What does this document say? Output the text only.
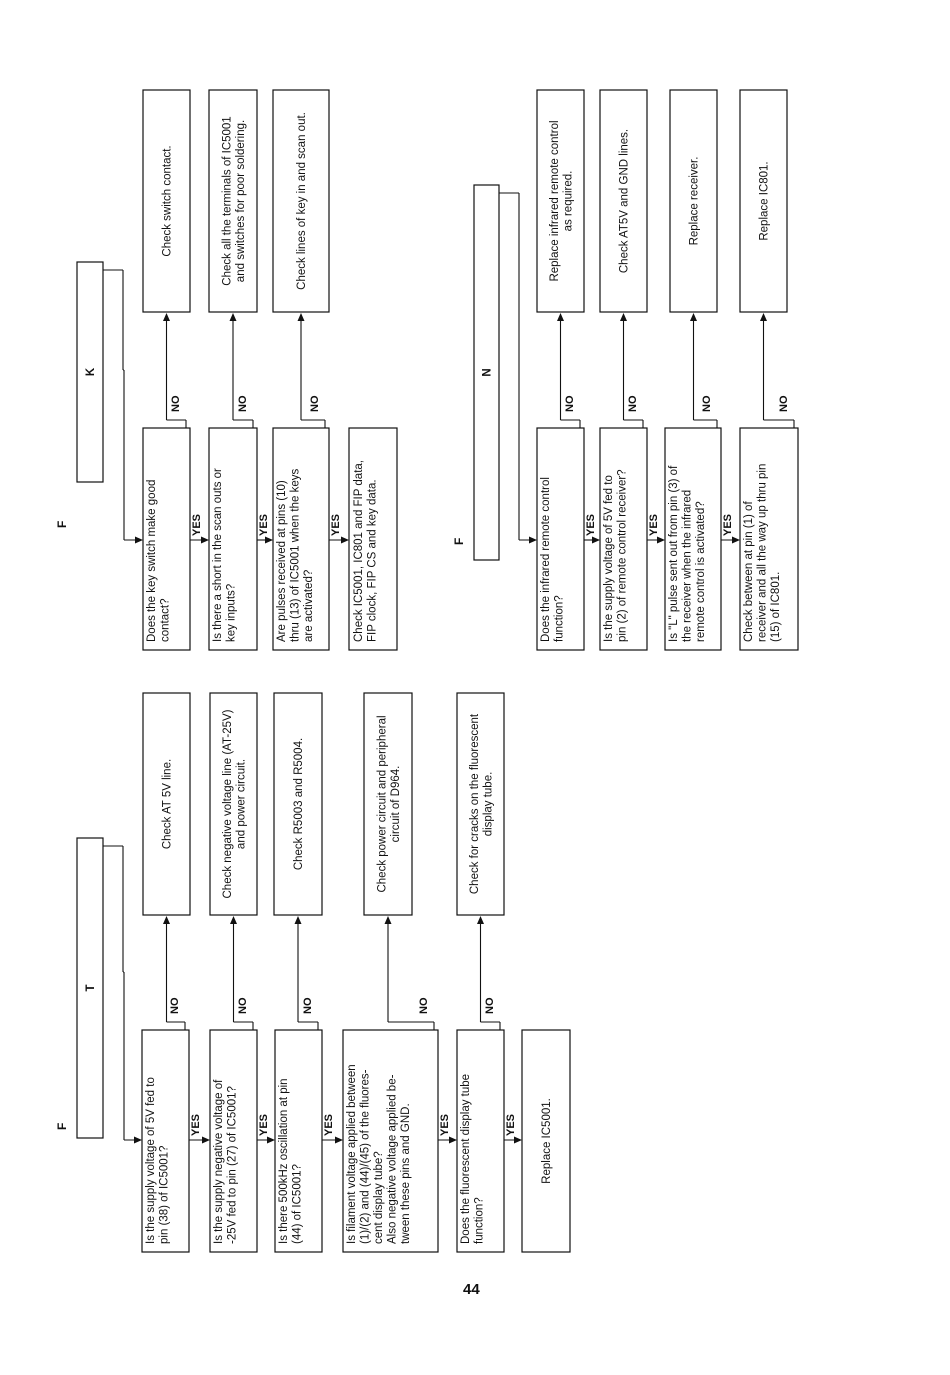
F
T
Is the supply voltage of 5V fed to pin (38) of IC5001?
Check AT 5V line.
NO
Is the supply negative voltage of -25V fed to pin (27) of IC5001?
Check negative voltage line (AT-25V) and power circuit.
NO
Is there 500kHz oscillation at pin (44) of IC5001?
Check R5003 and R5004.
NO
Is filament voltage applied between (1)/(2) and (44)/(45) of the fluores- cent display tube? Also negative voltage applied be- tween these pins and GND.
Check power circuit and peripheral circuit of D964.
NO
Does the fluorescent display tube function?
Check for cracks on the fluorescent display tube.
NO
YES	YES	YES	YES	YES Replace IC5001.
F
K
Does the key switch make good contact?
Check switch contact.
NO
Is there a short in the scan outs or key inputs?
Check all the terminals of IC5001 and switches for poor soldering.
NO
Are pulses received at pins (10) thru (13) of IC5001 when the keys are activated?
Check lines of key in and scan out.
NO
YES	YES	YES Check IC5001, IC801 and FIP data, FIP clock, FIP CS and key data.	F
N
Does the infrared remote control function?
Replace infrared remote control as required.
NO
Is the supply voltage of 5V fed to pin (2) of remote control receiver?
Check AT5V and GND lines.
NO
Is "L" pulse sent out from pin (3) of the receiver when the infrared remote control is activated?
Replace receiver.
NO
Check between at pin (1) of receiver and all the way up thru pin (15) of IC801.
Replace IC801.
NO
YES	YES	YES
44
